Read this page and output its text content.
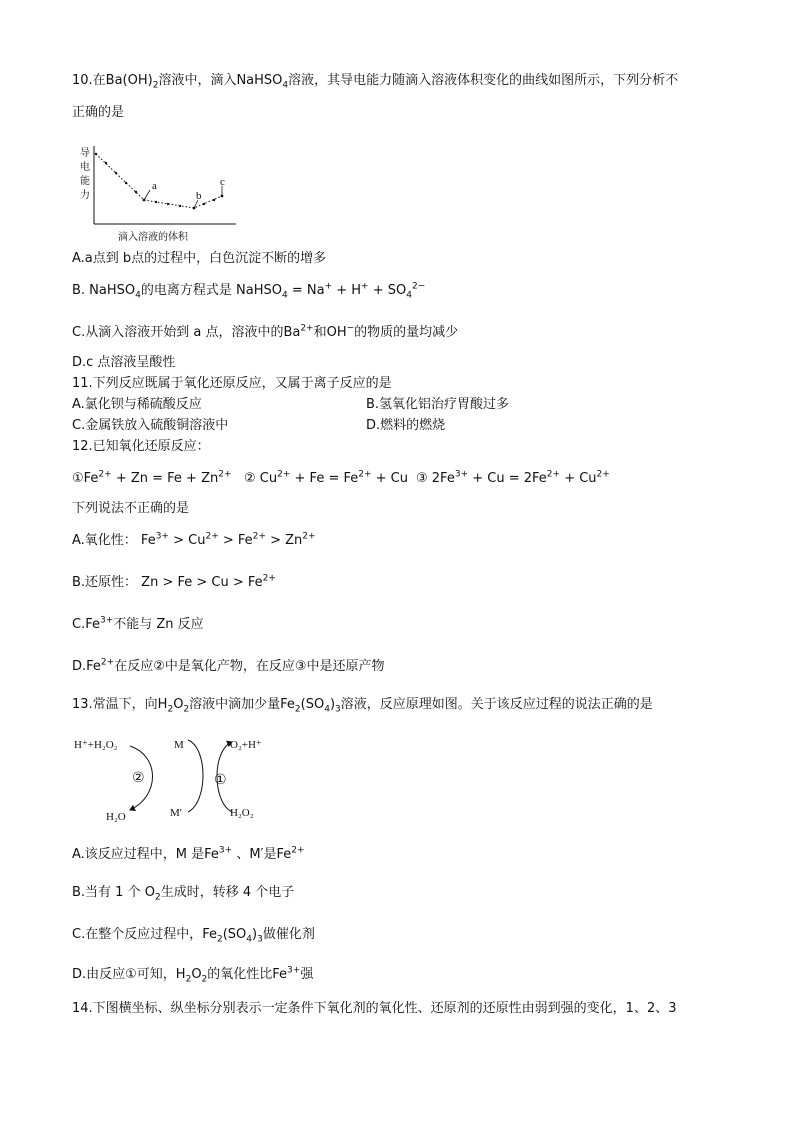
10.在$Ba(OH)_2$溶液中，滴入NaHSO$_4$溶液，其导电能力随滴入溶液体积变化的曲线如图所示，下列分析不
正确的是
导
电
能
力
a
b
c
滴入溶液的体积
A.a点到 b点的过程中，白色沉淀不断的增多
B. NaHSO$_4$的电离方程式是 NaHSO$_4$ = $Na^+ + H^+ + SO_4^{2-}$
C.从滴入溶液开始到 a 点，溶液中的$Ba^{2+}$和OH−的物质的量均减少
D.c 点溶液呈酸性
11.下列反应既属于氧化还原反应，又属于离子反应的是
A.氯化钡与稀硫酸反应	B.氢氧化铝治疗胃酸过多
C.金属铁放入硫酸铜溶液中	D.燃料的燃烧
12.已知氧化还原反应：
$①Fe^{2+} + Zn = Fe + Zn^{2+}$ ② $Cu^{2+} + Fe = Fe^{2+} + Cu$ ③ $2Fe^{3+} + Cu = 2Fe^{2+} + Cu^{2+}$
下列说法不正确的是
A.氧化性： $Fe^{3+} > Cu^{2+} > Fe^{2+} > Zn^{2+}$
B.还原性： $Zn > Fe > Cu > Fe^{2+}$
$C.Fe^{3+}$不能与 Zn 反应
$D.Fe^{2+}$在反应②中是氧化产物，在反应③中是还原产物
13.常温下，向$H_2O_2$溶液中滴加少量$Fe_2(SO_4)_3$溶液，反应原理如图。关于该反应过程的说法正确的是
H⁺+H₂O₂	M	O₂+H⁺
H₂O	M'	H₂O₂
②	①
A.该反应过程中，M 是$Fe^{3+}$ 、M′是$Fe^{2+}$
B.当有 1 个 $O_2$生成时，转移 4 个电子
C.在整个反应过程中，$Fe_2(SO_4)_3$做催化剂
D.由反应①可知，$H_2O_2$的氧化性比$Fe^{3+}$强
14.下图横坐标、纵坐标分别表示一定条件下氧化剂的氧化性、还原剂的还原性由弱到强的变化，1、2、3
